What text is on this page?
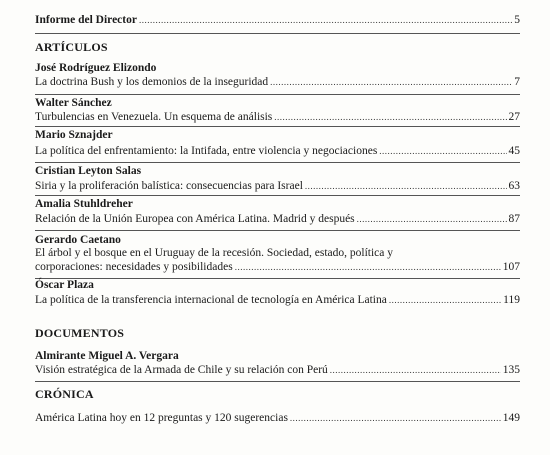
Informe del Director .....	5
ARTÍCULOS
José Rodríguez Elizondo
La doctrina Bush y los demonios de la inseguridad .....	7
Walter Sánchez
Turbulencias en Venezuela. Un esquema de análisis .....	27
Mario Sznajder
La política del enfrentamiento: la Intifada, entre violencia y negociaciones .....	45
Cristian Leyton Salas
Siria y la proliferación balística: consecuencias para Israel .....	63
Amalia Stuhldreher
Relación de la Unión Europea con América Latina. Madrid y después .....	87
Gerardo Caetano
El árbol y el bosque en el Uruguay de la recesión. Sociedad, estado, política y
corporaciones: necesidades y posibilidades .....	107
Óscar Plaza
La política de la transferencia internacional de tecnología en América Latina .....	119
DOCUMENTOS
Almirante Miguel A. Vergara
Visión estratégica de la Armada de Chile y su relación con Perú .....	135
CRÓNICA
América Latina hoy en 12 preguntas y 120 sugerencias .....	149
